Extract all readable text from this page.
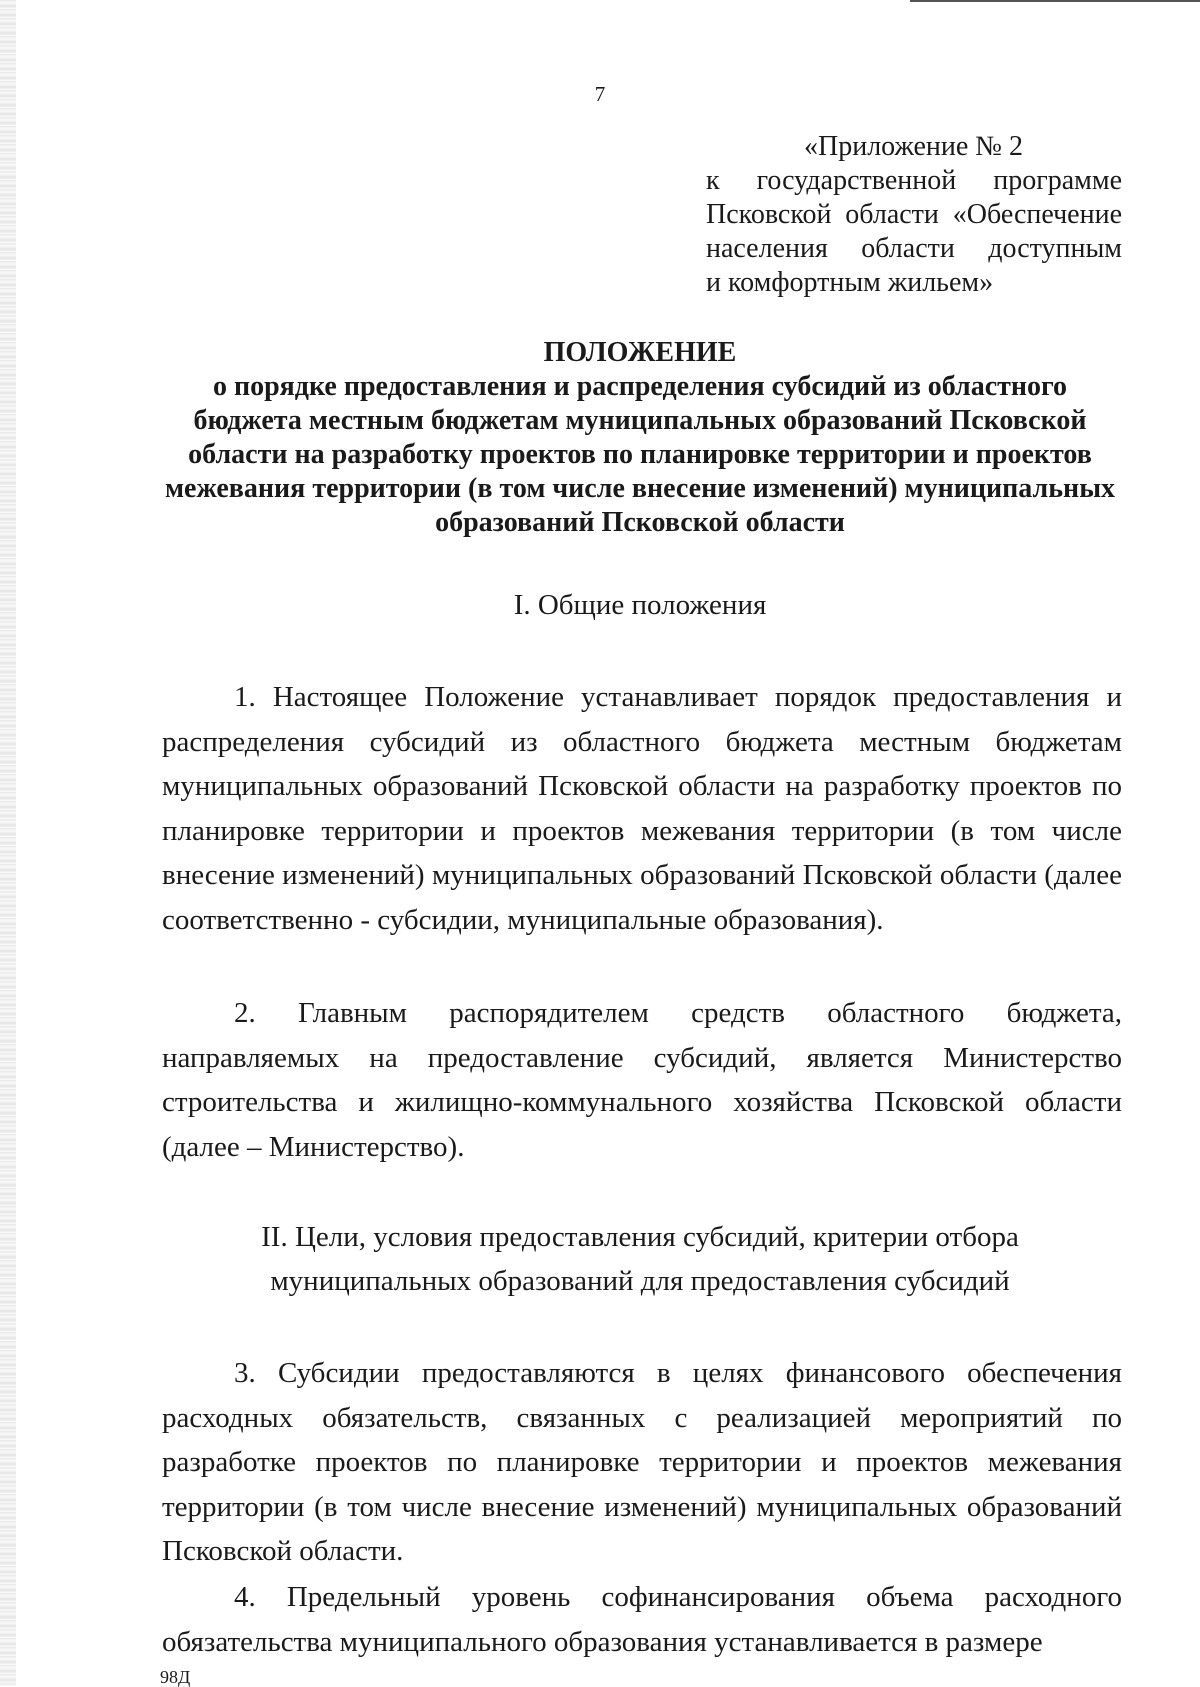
7
«Приложение № 2
к государственной программе
Псковской области «Обеспечение
населения области доступным
и комфортным жильем»
ПОЛОЖЕНИЕ
о порядке предоставления и распределения субсидий из областного
бюджета местным бюджетам муниципальных образований Псковской
области на разработку проектов по планировке территории и проектов
межевания территории (в том числе внесение изменений) муниципальных
образований Псковской области
I. Общие положения
1. Настоящее Положение устанавливает порядок предоставления и распределения субсидий из областного бюджета местным бюджетам муниципальных образований Псковской области на разработку проектов по планировке территории и проектов межевания территории (в том числе внесение изменений) муниципальных образований Псковской области (далее соответственно - субсидии, муниципальные образования).
2. Главным распорядителем средств областного бюджета, направляемых на предоставление субсидий, является Министерство строительства и жилищно-коммунального хозяйства Псковской области (далее – Министерство).
II. Цели, условия предоставления субсидий, критерии отбора
муниципальных образований для предоставления субсидий
3. Субсидии предоставляются в целях финансового обеспечения расходных обязательств, связанных с реализацией мероприятий по разработке проектов по планировке территории и проектов межевания территории (в том числе внесение изменений) муниципальных образований Псковской области.
4. Предельный уровень софинансирования объема расходного обязательства муниципального образования устанавливается в размере
98Д
